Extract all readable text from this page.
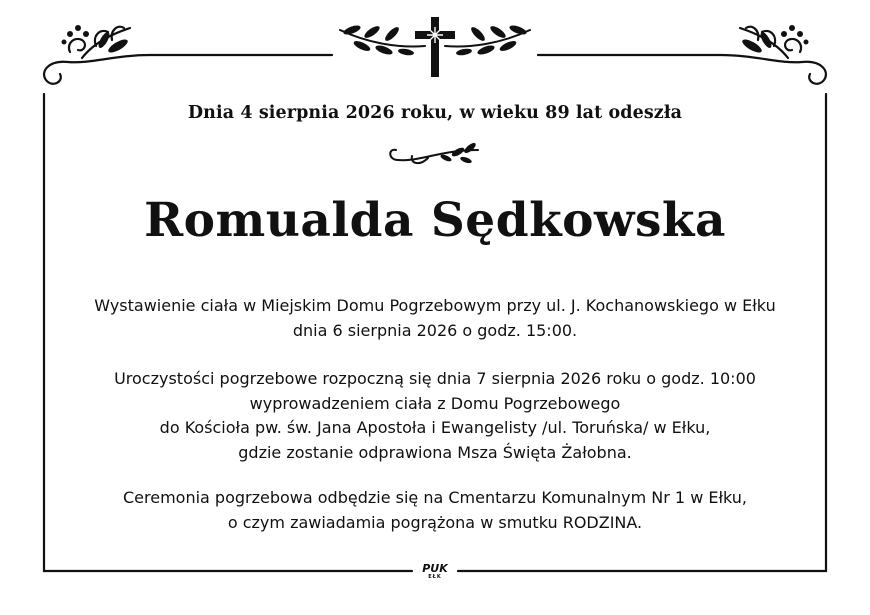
Dnia 4 sierpnia 2026 roku, w wieku 89 lat odeszła
Romualda Sędkowska
Wystawienie ciała w Miejskim Domu Pogrzebowym przy ul. J. Kochanowskiego w Ełku
dnia 6 sierpnia 2026 o godz. 15:00.
Uroczystości pogrzebowe rozpoczną się dnia 7 sierpnia 2026 roku o godz. 10:00
wyprowadzeniem ciała z Domu Pogrzebowego
do Kościoła pw. św. Jana Apostoła i Ewangelisty /ul. Toruńska/ w Ełku,
gdzie zostanie odprawiona Msza Święta Żałobna.
Ceremonia pogrzebowa odbędzie się na Cmentarzu Komunalnym Nr 1 w Ełku,
o czym zawiadamia pogrążona w smutku RODZINA.
PUK
EŁK
